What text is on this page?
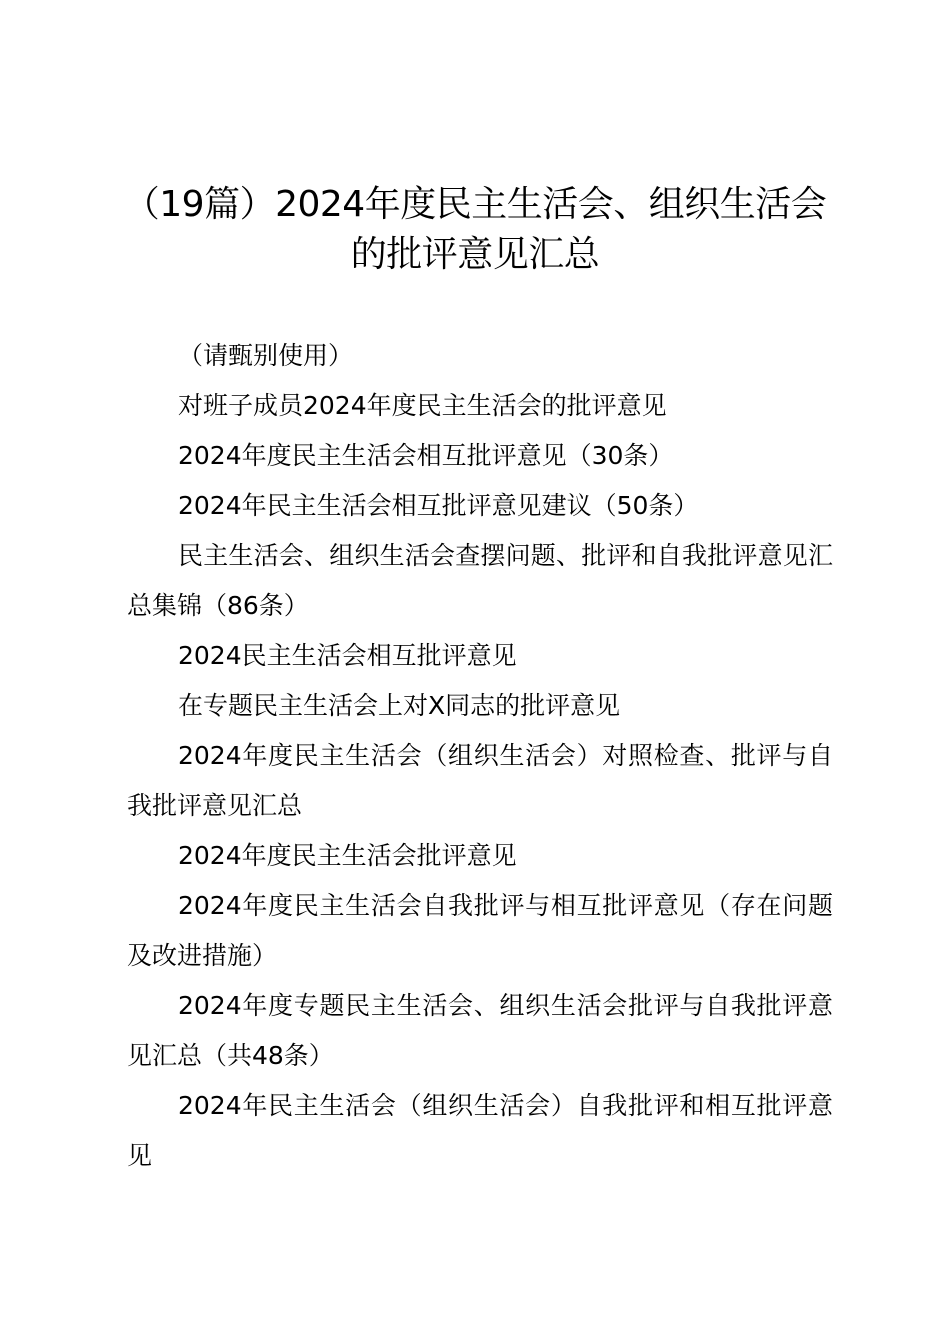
（19篇）2024年度民主生活会、组织生活会
的批评意见汇总

（请甄别使用）

对班子成员2024年度民主生活会的批评意见

2024年度民主生活会相互批评意见（30条）

2024年民主生活会相互批评意见建议（50条）

民主生活会、组织生活会查摆问题、批评和自我批评意见汇总集锦（86条）

2024民主生活会相互批评意见

在专题民主生活会上对X同志的批评意见

2024年度民主生活会（组织生活会）对照检查、批评与自我批评意见汇总

2024年度民主生活会批评意见

2024年度民主生活会自我批评与相互批评意见（存在问题及改进措施）

2024年度专题民主生活会、组织生活会批评与自我批评意见汇总（共48条）

2024年民主生活会（组织生活会）自我批评和相互批评意见
